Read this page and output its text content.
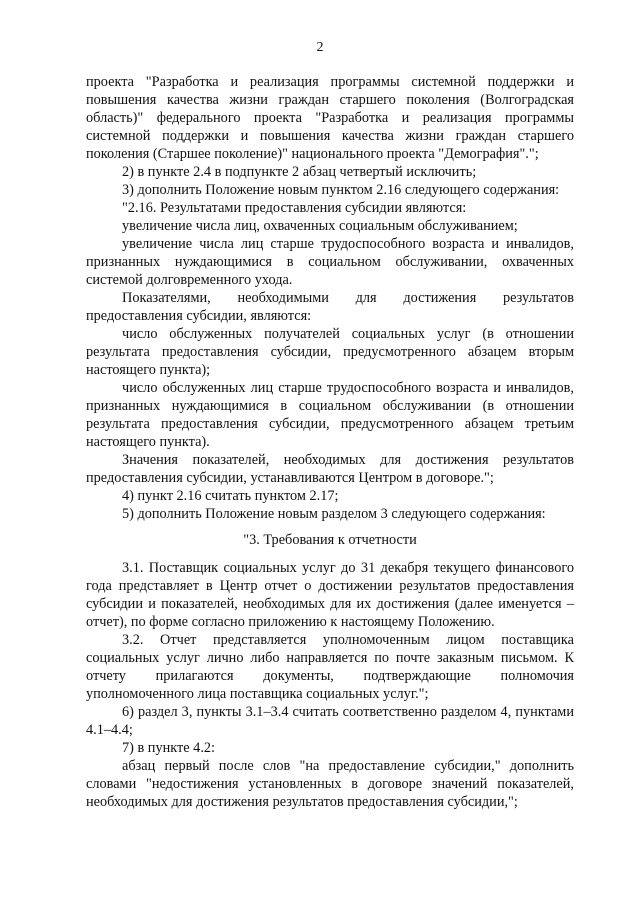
2

проекта "Разработка и реализация программы системной поддержки и повышения качества жизни граждан старшего поколения (Волгоградская область)" федерального проекта "Разработка и реализация программы системной поддержки и повышения качества жизни граждан старшего поколения (Старшее поколение)" национального проекта "Демография".";

2) в пункте 2.4 в подпункте 2 абзац четвертый исключить;

3) дополнить Положение новым пунктом 2.16 следующего содержания:

"2.16. Результатами предоставления субсидии являются:

увеличение числа лиц, охваченных социальным обслуживанием;

увеличение числа лиц старше трудоспособного возраста и инвалидов, признанных нуждающимися в социальном обслуживании, охваченных системой долговременного ухода.

Показателями, необходимыми для достижения результатов предоставления субсидии, являются:

число обслуженных получателей социальных услуг (в отношении результата предоставления субсидии, предусмотренного абзацем вторым настоящего пункта);

число обслуженных лиц старше трудоспособного возраста и инвалидов, признанных нуждающимися в социальном обслуживании (в отношении результата предоставления субсидии, предусмотренного абзацем третьим настоящего пункта).

Значения показателей, необходимых для достижения результатов предоставления субсидии, устанавливаются Центром в договоре.";

4) пункт 2.16 считать пунктом 2.17;

5) дополнить Положение новым разделом 3 следующего содержания:

"3. Требования к отчетности

3.1. Поставщик социальных услуг до 31 декабря текущего финансового года представляет в Центр отчет о достижении результатов предоставления субсидии и показателей, необходимых для их достижения (далее именуется – отчет), по форме согласно приложению к настоящему Положению.

3.2. Отчет представляется уполномоченным лицом поставщика социальных услуг лично либо направляется по почте заказным письмом. К отчету прилагаются документы, подтверждающие полномочия уполномоченного лица поставщика социальных услуг.";

6) раздел 3, пункты 3.1–3.4 считать соответственно разделом 4, пунктами 4.1–4.4;

7) в пункте 4.2:

абзац первый после слов "на предоставление субсидии," дополнить словами "недостижения установленных в договоре значений показателей, необходимых для достижения результатов предоставления субсидии,";
